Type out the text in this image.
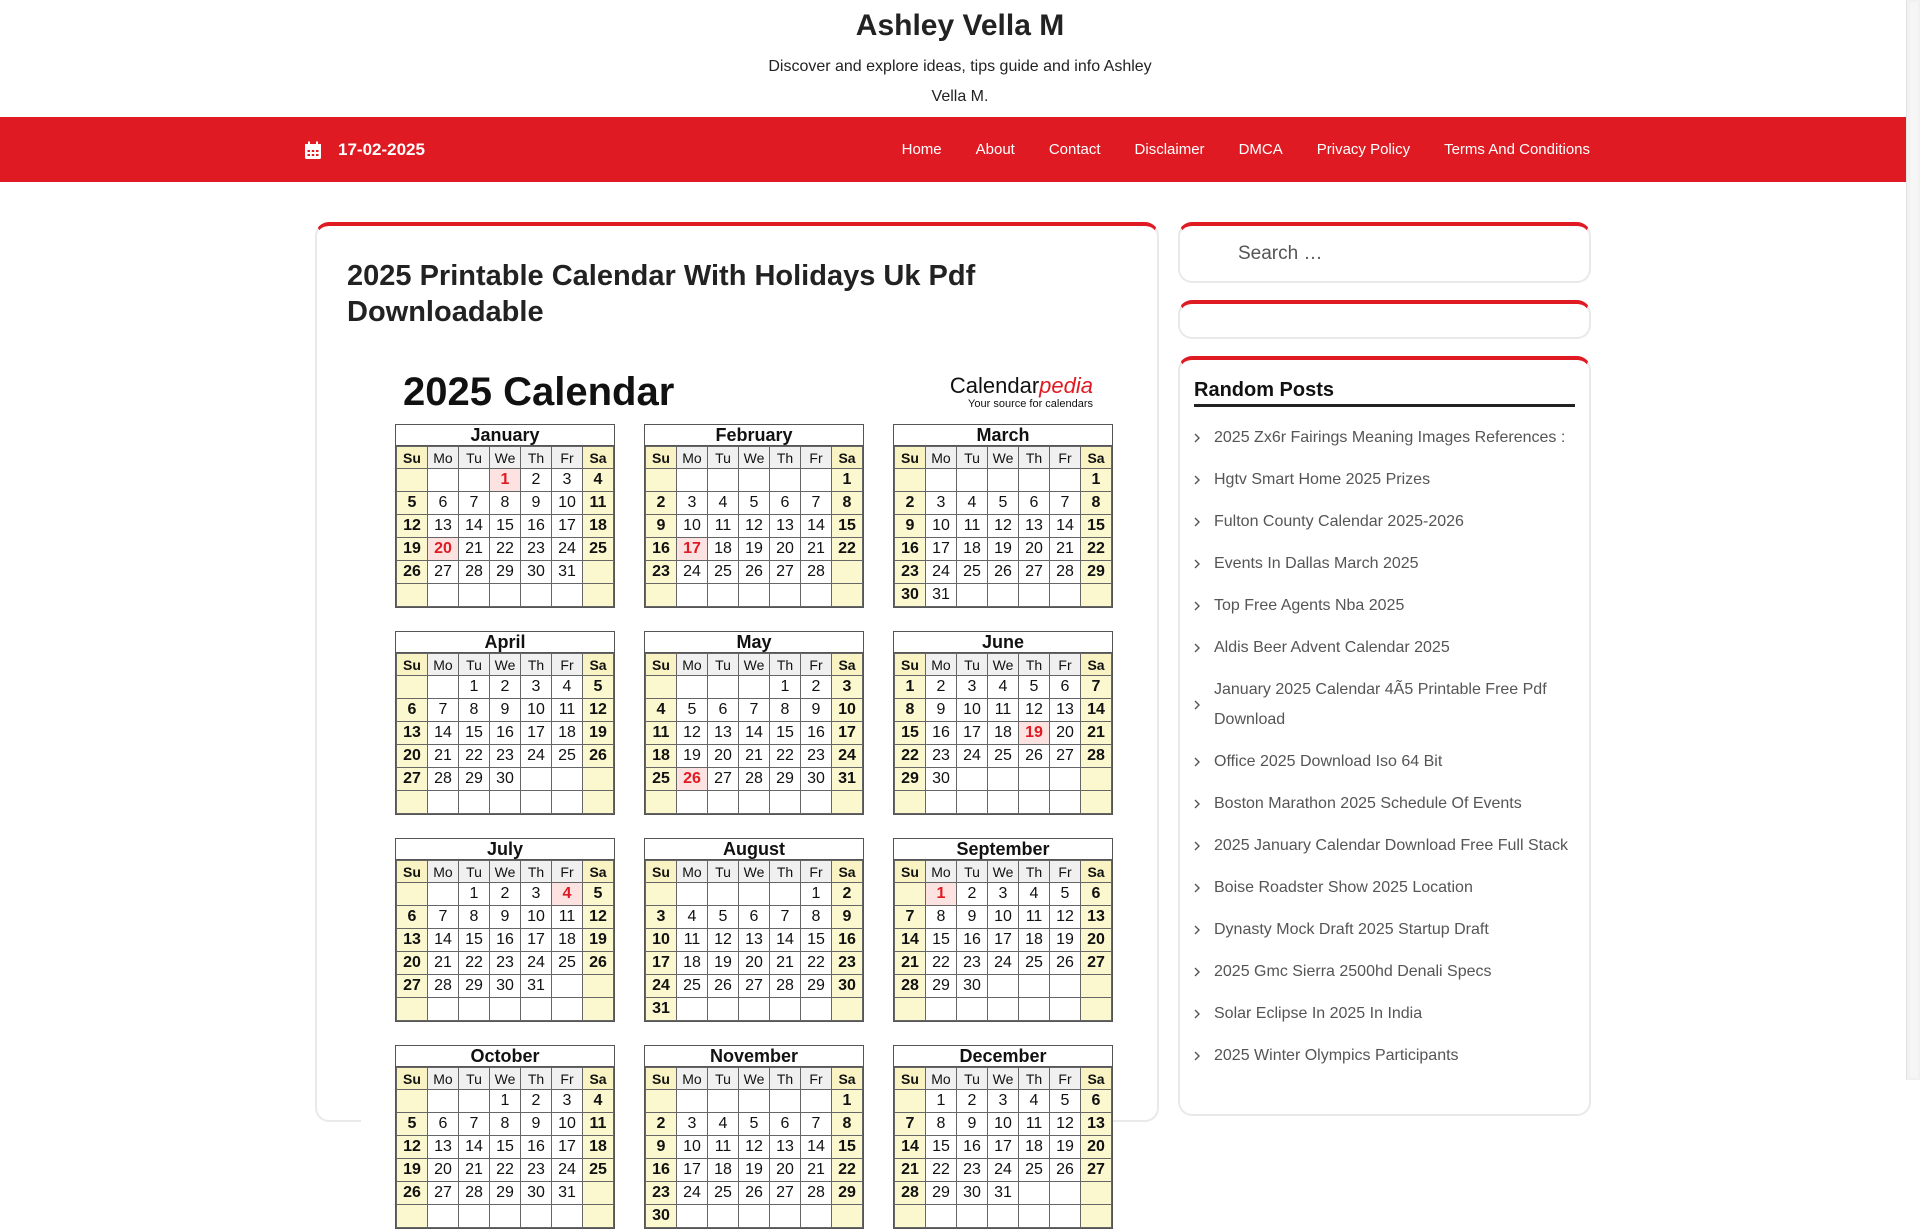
Ashley Vella M
Discover and explore ideas, tips guide and info Ashley Vella M.
17-02-2025	Home	About	Contact	Disclaimer	DMCA	Privacy Policy	Terms And Conditions
2025 Printable Calendar With Holidays Uk Pdf Downloadable
2025 Calendar	Calendarpedia
Your source for calendars
January
Su	Mo	Tu	We	Th	Fr	Sa
			1	2	3	4
5	6	7	8	9	10	11
12	13	14	15	16	17	18
19	20	21	22	23	24	25
26	27	28	29	30	31	

February
Su	Mo	Tu	We	Th	Fr	Sa
						1
2	3	4	5	6	7	8
9	10	11	12	13	14	15
16	17	18	19	20	21	22
23	24	25	26	27	28	

March
Su	Mo	Tu	We	Th	Fr	Sa
						1
2	3	4	5	6	7	8
9	10	11	12	13	14	15
16	17	18	19	20	21	22
23	24	25	26	27	28	29
30	31					
April
Su	Mo	Tu	We	Th	Fr	Sa
		1	2	3	4	5
6	7	8	9	10	11	12
13	14	15	16	17	18	19
20	21	22	23	24	25	26
27	28	29	30			

May
Su	Mo	Tu	We	Th	Fr	Sa
				1	2	3
4	5	6	7	8	9	10
11	12	13	14	15	16	17
18	19	20	21	22	23	24
25	26	27	28	29	30	31

June
Su	Mo	Tu	We	Th	Fr	Sa
1	2	3	4	5	6	7
8	9	10	11	12	13	14
15	16	17	18	19	20	21
22	23	24	25	26	27	28
29	30					

July
Su	Mo	Tu	We	Th	Fr	Sa
		1	2	3	4	5
6	7	8	9	10	11	12
13	14	15	16	17	18	19
20	21	22	23	24	25	26
27	28	29	30	31		

August
Su	Mo	Tu	We	Th	Fr	Sa
					1	2
3	4	5	6	7	8	9
10	11	12	13	14	15	16
17	18	19	20	21	22	23
24	25	26	27	28	29	30
31						
September
Su	Mo	Tu	We	Th	Fr	Sa
	1	2	3	4	5	6
7	8	9	10	11	12	13
14	15	16	17	18	19	20
21	22	23	24	25	26	27
28	29	30				

October
Su	Mo	Tu	We	Th	Fr	Sa
			1	2	3	4
5	6	7	8	9	10	11
12	13	14	15	16	17	18
19	20	21	22	23	24	25
26	27	28	29	30	31	

November
Su	Mo	Tu	We	Th	Fr	Sa
						1
2	3	4	5	6	7	8
9	10	11	12	13	14	15
16	17	18	19	20	21	22
23	24	25	26	27	28	29
30						
December
Su	Mo	Tu	We	Th	Fr	Sa
	1	2	3	4	5	6
7	8	9	10	11	12	13
14	15	16	17	18	19	20
21	22	23	24	25	26	27
28	29	30	31			

Search …
Random Posts
2025 Zx6r Fairings Meaning Images References :
Hgtv Smart Home 2025 Prizes
Fulton County Calendar 2025-2026
Events In Dallas March 2025
Top Free Agents Nba 2025
Aldis Beer Advent Calendar 2025
January 2025 Calendar 4Ã5 Printable Free Pdf Download
Office 2025 Download Iso 64 Bit
Boston Marathon 2025 Schedule Of Events
2025 January Calendar Download Free Full Stack
Boise Roadster Show 2025 Location
Dynasty Mock Draft 2025 Startup Draft
2025 Gmc Sierra 2500hd Denali Specs
Solar Eclipse In 2025 In India
2025 Winter Olympics Participants
